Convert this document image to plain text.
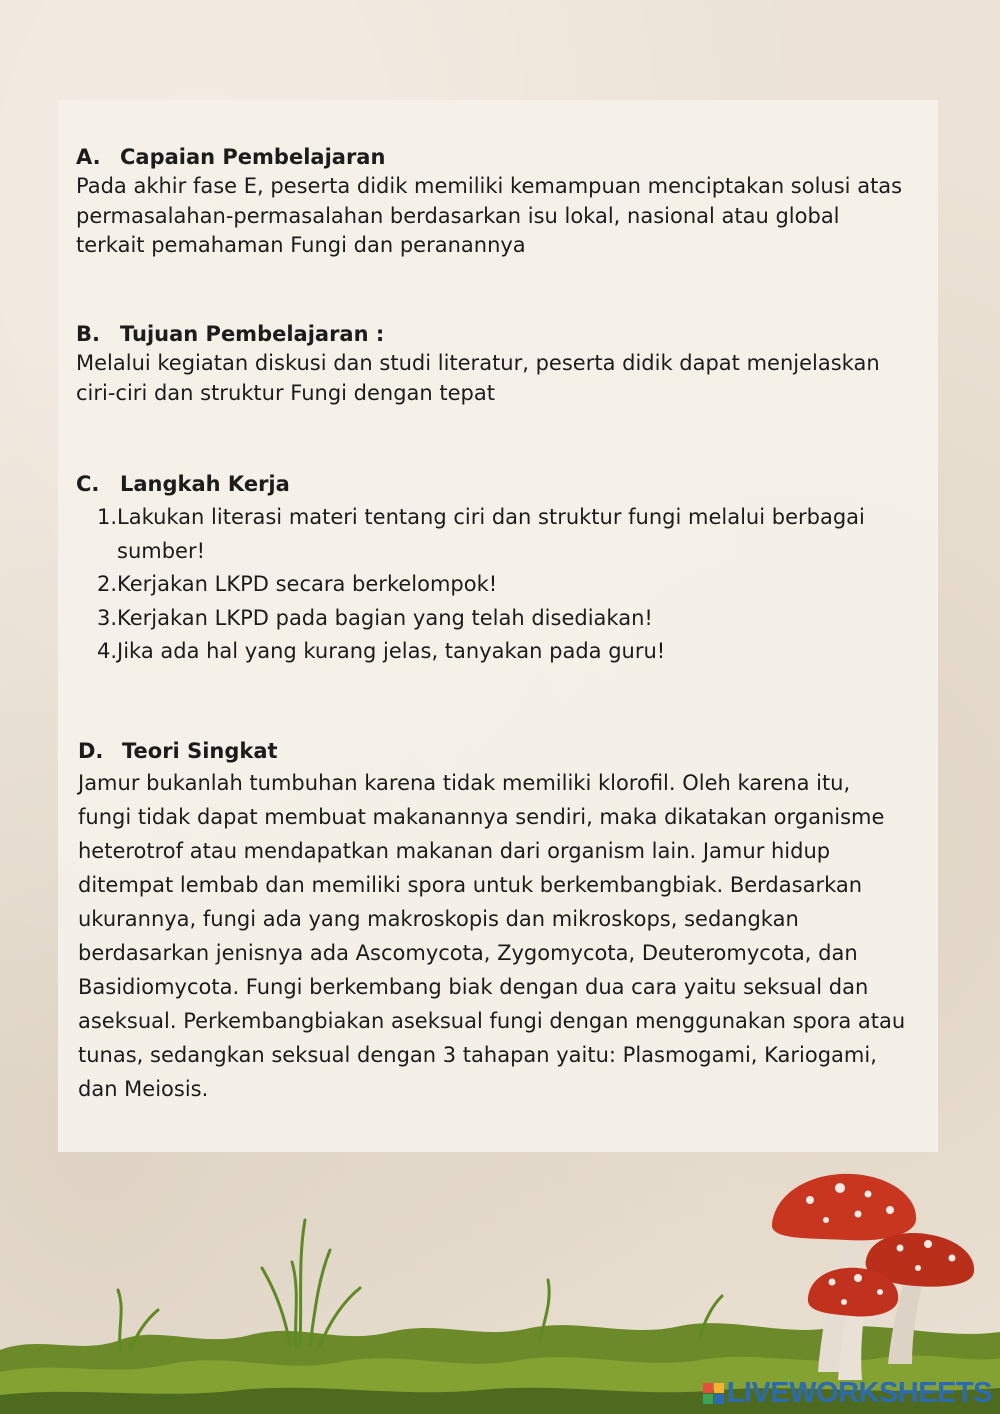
A. Capaian Pembelajaran

Pada akhir fase E, peserta didik memiliki kemampuan menciptakan solusi atas permasalahan-permasalahan berdasarkan isu lokal, nasional atau global terkait pemahaman Fungi dan peranannya

B. Tujuan Pembelajaran :

Melalui kegiatan diskusi dan studi literatur, peserta didik dapat menjelaskan ciri-ciri dan struktur Fungi dengan tepat

C. Langkah Kerja
1. Lakukan literasi materi tentang ciri dan struktur fungi melalui berbagai sumber!
2. Kerjakan LKPD secara berkelompok!
3. Kerjakan LKPD pada bagian yang telah disediakan!
4. Jika ada hal yang kurang jelas, tanyakan pada guru!
D. Teori Singkat

Jamur bukanlah tumbuhan karena tidak memiliki klorofil. Oleh karena itu, fungi tidak dapat membuat makanannya sendiri, maka dikatakan organisme heterotrof atau mendapatkan makanan dari organism lain. Jamur hidup ditempat lembab dan memiliki spora untuk berkembangbiak. Berdasarkan ukurannya, fungi ada yang makroskopis dan mikroskops, sedangkan berdasarkan jenisnya ada Ascomycota, Zygomycota, Deuteromycota, dan Basidiomycota. Fungi berkembang biak dengan dua cara yaitu seksual dan aseksual. Perkembangbiakan aseksual fungi dengan menggunakan spora atau tunas, sedangkan seksual dengan 3 tahapan yaitu: Plasmogami, Kariogami, dan Meiosis.

LIVEWORKSHEETS
